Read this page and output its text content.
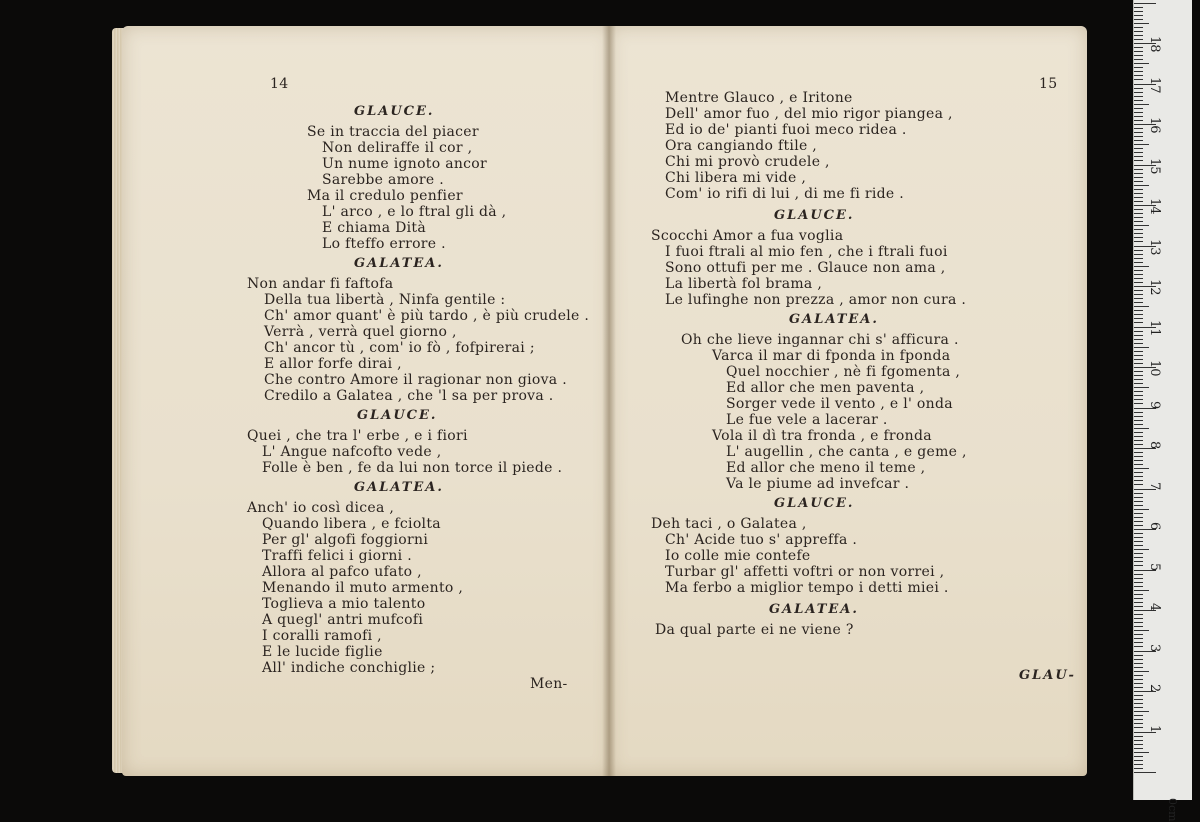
14
GLAUCE.
Se in traccia del piacer
Non deliraffe il cor ,
Un nume ignoto ancor
Sarebbe amore .
Ma il credulo penfier
L' arco , e lo ftral gli dà ,
E chiama Dità
Lo fteffo errore .
GALATEA.
Non andar fi faftofa
Della tua libertà , Ninfa gentile :
Ch' amor quant' è più tardo , è più crudele .
Verrà , verrà quel giorno ,
Ch' ancor tù , com' io fò , fofpirerai ;
E allor forfe dirai ,
Che contro Amore il ragionar non giova .
Credilo a Galatea , che 'l sa per prova .
GLAUCE.
Quei , che tra l' erbe , e i fiori
L' Angue nafcofto vede ,
Folle è ben , fe da lui non torce il piede .
GALATEA.
Anch' io così dicea ,
Quando libera , e fciolta
Per gl' algofi foggiorni
Traffi felici i giorni .
Allora al pafco ufato ,
Menando il muto armento ,
Toglieva a mio talento
A quegl' antri mufcofi
I coralli ramofi ,
E le lucide figlie
All' indiche conchiglie ;
Men-
15
Mentre Glauco , e Iritone
Dell' amor fuo , del mio rigor piangea ,
Ed io de' pianti fuoi meco ridea .
Ora cangiando ftile ,
Chi mi provò crudele ,
Chi libera mi vide ,
Com' io rifi di lui , di me fi ride .
GLAUCE.
Scocchi Amor a fua voglia
I fuoi ftrali al mio fen , che i ftrali fuoi
Sono ottufi per me . Glauce non ama ,
La libertà fol brama ,
Le lufinghe non prezza , amor non cura .
GALATEA.
Oh che lieve ingannar chi s' afficura .
Varca il mar di fponda in fponda
Quel nocchier , nè fi fgomenta ,
Ed allor che men paventa ,
Sorger vede il vento , e l' onda
Le fue vele a lacerar .
Vola il dì tra fronda , e fronda
L' augellin , che canta , e geme ,
Ed allor che meno il teme ,
Va le piume ad invefcar .
GLAUCE.
Deh taci , o Galatea ,
Ch' Acide tuo s' appreffa .
Io colle mie contefe
Turbar gl' affetti voftri or non vorrei ,
Ma ferbo a miglior tempo i detti miei .
GALATEA.
Da qual parte ei ne viene ?
GLAU-
0cm
1
2
3
4
5
6
7
8
9
10
11
12
13
14
15
16
17
18
